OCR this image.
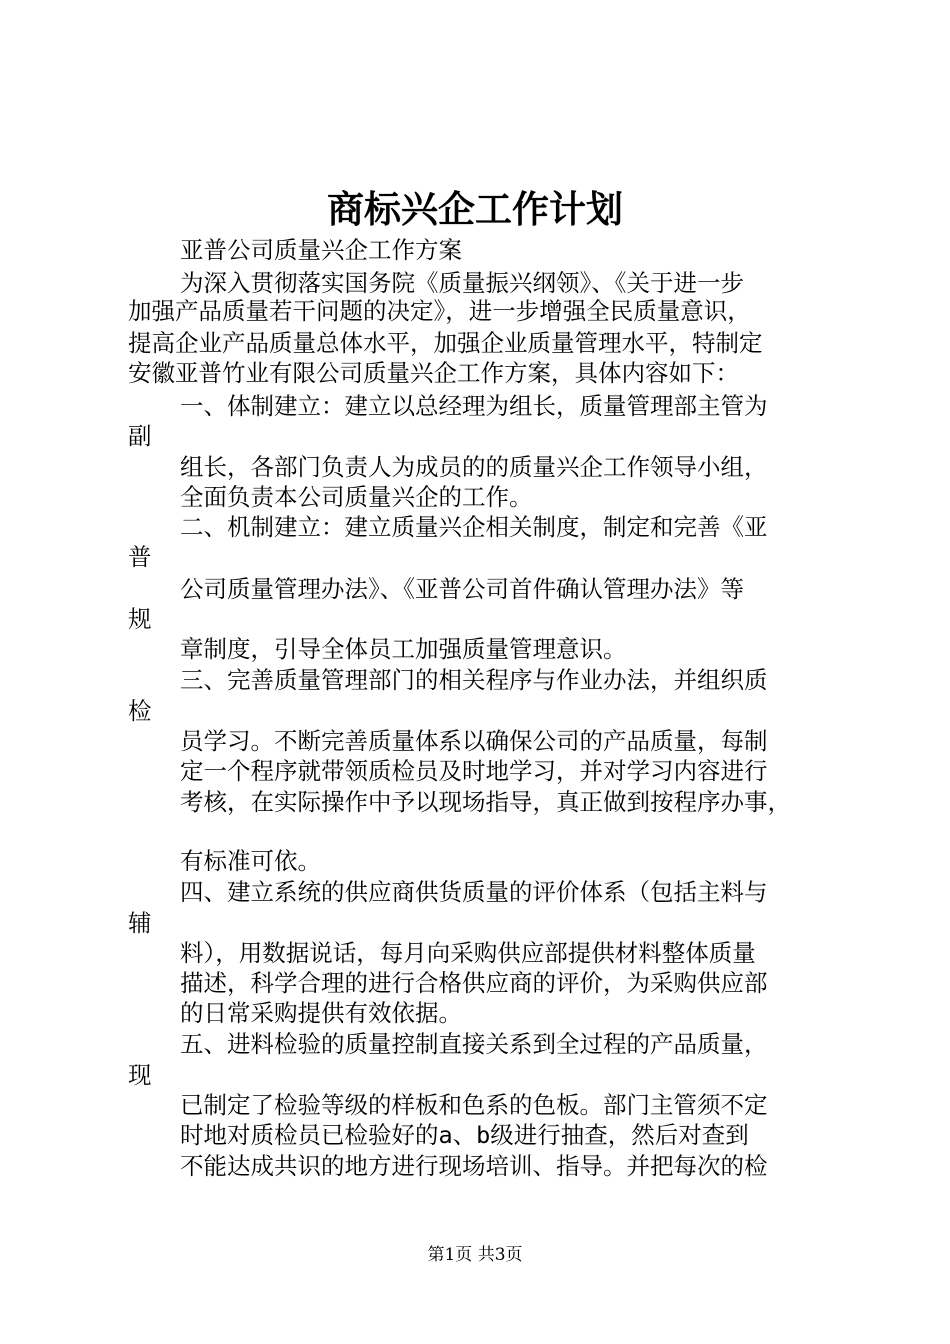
商标兴企工作计划

亚普公司质量兴企工作方案

为深入贯彻落实国务院《质量振兴纲领》、《关于进一步

加强产品质量若干问题的决定》，进一步增强全民质量意识，

提高企业产品质量总体水平，加强企业质量管理水平，特制定

安徽亚普竹业有限公司质量兴企工作方案，具体内容如下：

一、体制建立：建立以总经理为组长，质量管理部主管为

副

组长，各部门负责人为成员的的质量兴企工作领导小组，

全面负责本公司质量兴企的工作。

二、机制建立：建立质量兴企相关制度，制定和完善《亚

普

公司质量管理办法》、《亚普公司首件确认管理办法》等

规

章制度，引导全体员工加强质量管理意识。

三、完善质量管理部门的相关程序与作业办法，并组织质

检

员学习。不断完善质量体系以确保公司的产品质量，每制

定一个程序就带领质检员及时地学习，并对学习内容进行

考核，在实际操作中予以现场指导，真正做到按程序办事，

有标准可依。

四、建立系统的供应商供货质量的评价体系（包括主料与

辅

料），用数据说话，每月向采购供应部提供材料整体质量

描述，科学合理的进行合格供应商的评价，为采购供应部

的日常采购提供有效依据。

五、进料检验的质量控制直接关系到全过程的产品质量，

现

已制定了检验等级的样板和色系的色板。部门主管须不定

时地对质检员已检验好的a、b级进行抽查，然后对查到

不能达成共识的地方进行现场培训、指导。并把每次的检

第1页 共3页
